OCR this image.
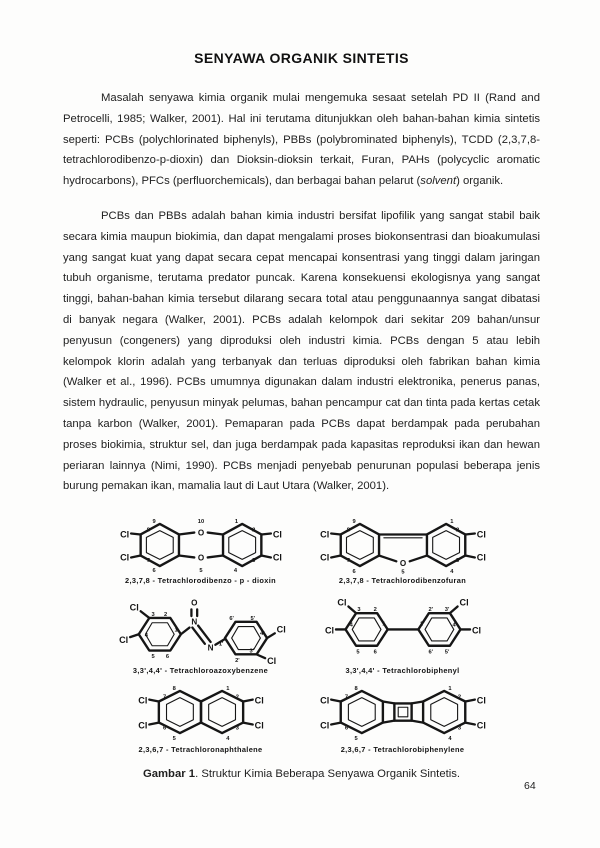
SENYAWA ORGANIK SINTETIS

Masalah senyawa kimia organik mulai mengemuka sesaat setelah PD II (Rand and Petrocelli, 1985; Walker, 2001). Hal ini terutama ditunjukkan oleh bahan-bahan kimia sintetis seperti: PCBs (polychlorinated biphenyls), PBBs (polybrominated biphenyls), TCDD (2,3,7,8-tetrachlorodibenzo-p-dioxin) dan Dioksin-dioksin terkait, Furan, PAHs (polycyclic aromatic hydrocarbons), PFCs (perfluorchemicals), dan berbagai bahan pelarut (solvent) organik.

PCBs dan PBBs adalah bahan kimia industri bersifat lipofilik yang sangat stabil baik secara kimia maupun biokimia, dan dapat mengalami proses biokonsentrasi dan bioakumulasi yang sangat kuat yang dapat secara cepat mencapai konsentrasi yang tinggi dalam jaringan tubuh organisme, terutama predator puncak. Karena konsekuensi ekologisnya yang sangat tinggi, bahan-bahan kimia tersebut dilarang secara total atau penggunaannya sangat dibatasi di banyak negara (Walker, 2001). PCBs adalah kelompok dari sekitar 209 bahan/unsur penyusun (congeners) yang diproduksi oleh industri kimia. PCBs dengan 5 atau lebih kelompok klorin adalah yang terbanyak dan terluas diproduksi oleh fabrikan bahan kimia (Walker et al., 1996). PCBs umumnya digunakan dalam industri elektronika, penerus panas, sistem hydraulic, penyusun minyak pelumas, bahan pencampur cat dan tinta pada kertas cetak tanpa karbon (Walker, 2001). Pemaparan pada PCBs dapat berdampak pada perubahan proses biokimia, struktur sel, dan juga berdampak pada kapasitas reproduksi ikan dan hewan periaran lainnya (Nimi, 1990). PCBs menjadi penyebab penurunan populasi beberapa jenis burung pemakan ikan, mamalia laut di Laut Utara (Walker, 2001).

Cl
Cl
Cl
Cl
O
O
9	10	1
2
3
4
5
6
7
8
2,3,7,8 - Tetrachlorodibenzo - p - dioxin
Cl
Cl
Cl
Cl
O
9	1
8
7
2
3
6	4
5
2,3,7,8 - Tetrachlorodibenzofuran
O
N
N
Cl
Cl
Cl
Cl
2
1
3
4
5 6
6'	5'
4'
3'
2'
1'
3,3',4,4' - Tetrachloroazoxybenzene
Cl
Cl
Cl
Cl
3 2
1
4
5 6
2' 3'
1'	4'
6' 5'
3,3',4,4' - Tetrachlorobiphenyl
Cl
Cl
Cl
Cl
8	1
7	2
6	3
5	4
2,3,6,7 - Tetrachloronaphthalene
Cl
Cl
Cl
Cl
8	1
7	2
6	3
5	4
2,3,6,7 - Tetrachlorobiphenylene
Gambar 1. Struktur Kimia Beberapa Senyawa Organik Sintetis.
64
